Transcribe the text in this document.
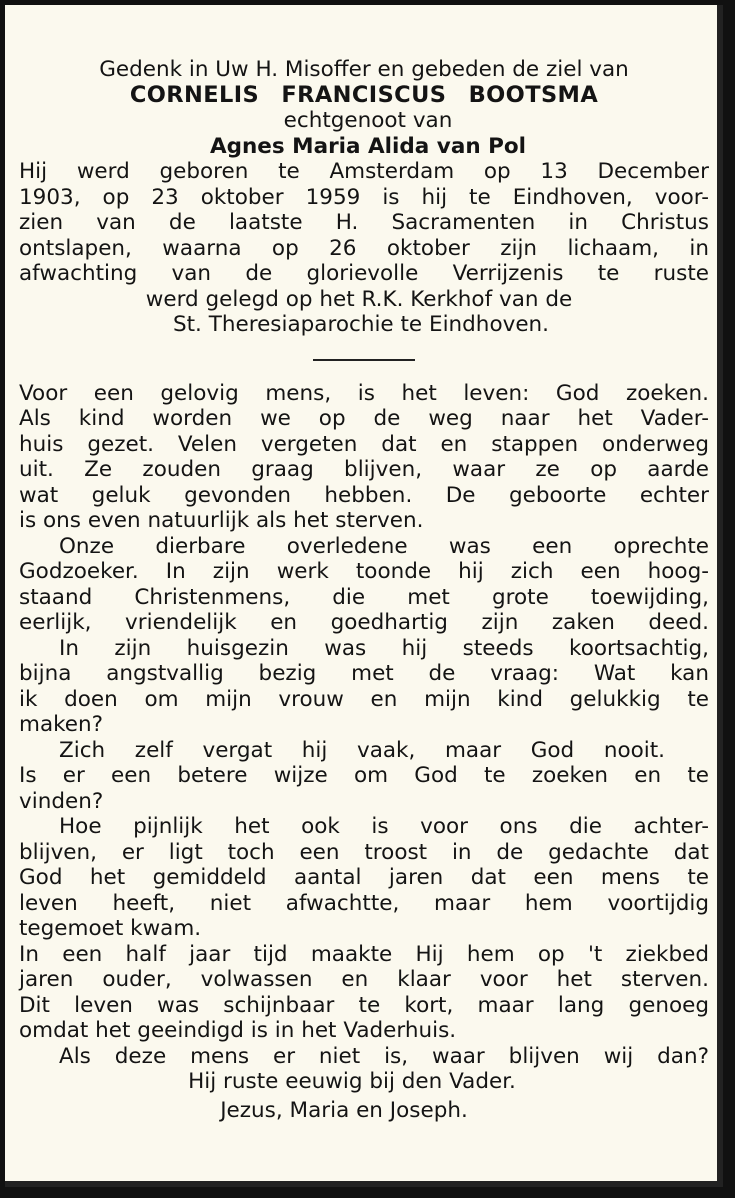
Gedenk in Uw H. Misoffer en gebeden de ziel van
CORNELIS FRANCISCUS BOOTSMA
echtgenoot van
Agnes Maria Alida van Pol
Hij werd geboren te Amsterdam op 13 December
1903, op 23 oktober 1959 is hij te Eindhoven, voor-
zien van de laatste H. Sacramenten in Christus
ontslapen, waarna op 26 oktober zijn lichaam, in
afwachting van de glorievolle Verrijzenis te ruste
werd gelegd op het R.K. Kerkhof van de
St. Theresiaparochie te Eindhoven.
Voor een gelovig mens, is het leven: God zoeken.
Als kind worden we op de weg naar het Vader-
huis gezet. Velen vergeten dat en stappen onderweg
uit. Ze zouden graag blijven, waar ze op aarde
wat geluk gevonden hebben. De geboorte echter
is ons even natuurlijk als het sterven.
Onze dierbare overledene was een oprechte
Godzoeker. In zijn werk toonde hij zich een hoog-
staand Christenmens, die met grote toewijding,
eerlijk, vriendelijk en goedhartig zijn zaken deed.
In zijn huisgezin was hij steeds koortsachtig,
bijna angstvallig bezig met de vraag: Wat kan
ik doen om mijn vrouw en mijn kind gelukkig te
maken?
Zich zelf vergat hij vaak, maar God nooit.
Is er een betere wijze om God te zoeken en te
vinden?
Hoe pijnlijk het ook is voor ons die achter-
blijven, er ligt toch een troost in de gedachte dat
God het gemiddeld aantal jaren dat een mens te
leven heeft, niet afwachtte, maar hem voortijdig
tegemoet kwam.
In een half jaar tijd maakte Hij hem op 't ziekbed
jaren ouder, volwassen en klaar voor het sterven.
Dit leven was schijnbaar te kort, maar lang genoeg
omdat het geeindigd is in het Vaderhuis.
Als deze mens er niet is, waar blijven wij dan?
Hij ruste eeuwig bij den Vader.
Jezus, Maria en Joseph.
